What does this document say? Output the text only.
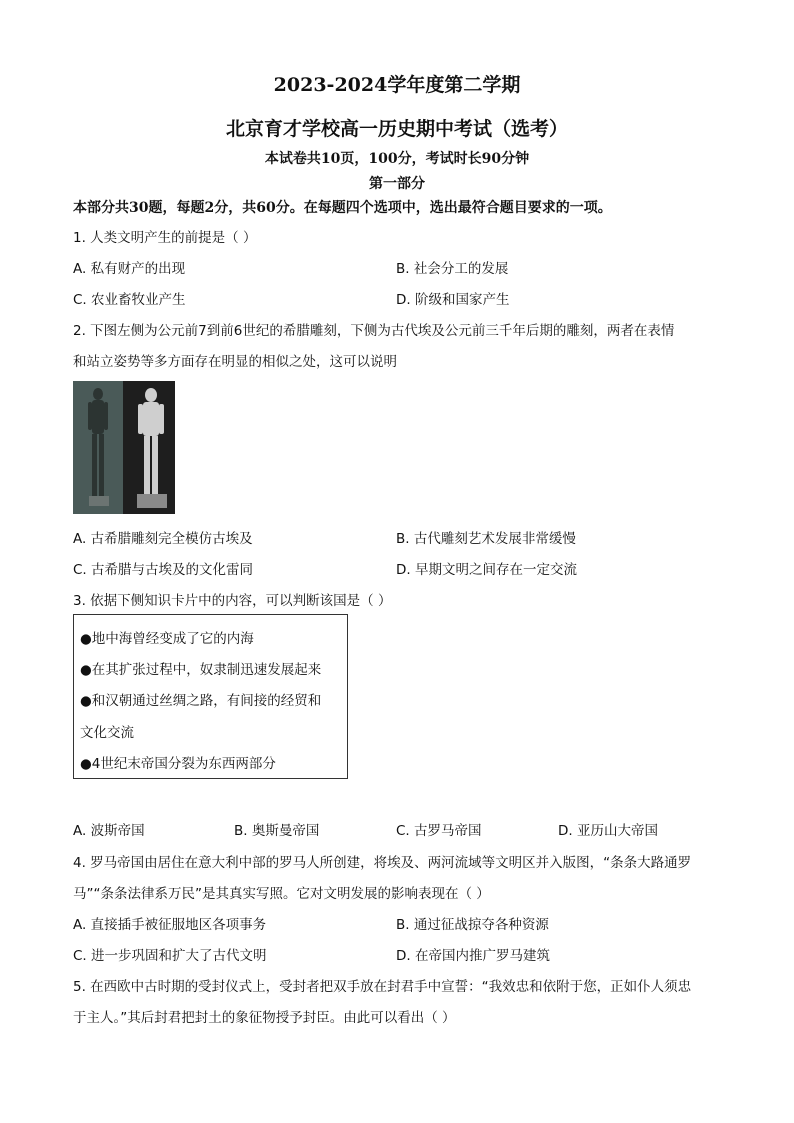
2023-2024学年度第二学期
北京育才学校高一历史期中考试（选考）
本试卷共10页，100分，考试时长90分钟
第一部分
本部分共30题，每题2分，共60分。在每题四个选项中，选出最符合题目要求的一项。
1. 人类文明产生的前提是（ ）
A. 私有财产的出现	B. 社会分工的发展
C. 农业畜牧业产生	D. 阶级和国家产生
2. 下图左侧为公元前7到前6世纪的希腊雕刻，下侧为古代埃及公元前三千年后期的雕刻，两者在表情
和站立姿势等多方面存在明显的相似之处，这可以说明
A. 古希腊雕刻完全模仿古埃及	B. 古代雕刻艺术发展非常缓慢
C. 古希腊与古埃及的文化雷同	D. 早期文明之间存在一定交流
3. 依据下侧知识卡片中的内容，可以判断该国是（ ）
●地中海曾经变成了它的内海
●在其扩张过程中，奴隶制迅速发展起来
●和汉朝通过丝绸之路，有间接的经贸和
文化交流
●4世纪末帝国分裂为东西两部分
A. 波斯帝国	B. 奥斯曼帝国	C. 古罗马帝国	D. 亚历山大帝国
4. 罗马帝国由居住在意大利中部的罗马人所创建，将埃及、两河流域等文明区并入版图，“条条大路通罗
马”“条条法律系万民”是其真实写照。它对文明发展的影响表现在（ ）
A. 直接插手被征服地区各项事务	B. 通过征战掠夺各种资源
C. 进一步巩固和扩大了古代文明	D. 在帝国内推广罗马建筑
5. 在西欧中古时期的受封仪式上，受封者把双手放在封君手中宣誓：“我效忠和依附于您，正如仆人须忠
于主人。”其后封君把封土的象征物授予封臣。由此可以看出（ ）
